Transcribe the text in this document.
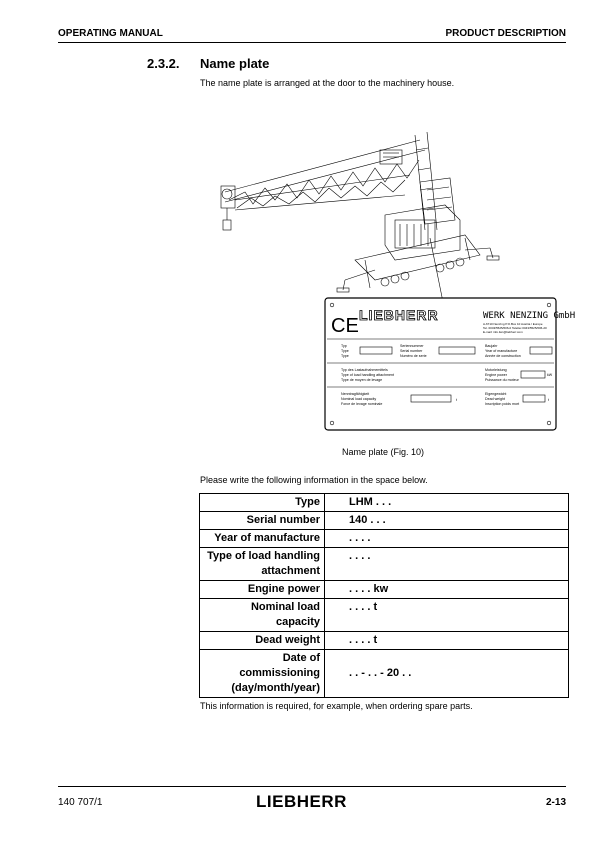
OPERATING MANUAL	PRODUCT DESCRIPTION
2.3.2. Name plate
The name plate is arranged at the door to the machinery house.
CE LIEBHERR	WERK NENZING GmbH
A-6710 Nenzing P.O.Box 10 Austria / Europe
Tel. 0043/5525/606-0 Telefax 0043/5525/606-20
E-mail: info.lwn@liebherr.com
Typ
Type
Type
Seriennummer
Serial number
Numéro de serie
Baujahr
Year of manufacture
Année de construction
Typ des Lastaufnahmemittels
Type of load handling attachment
Type de moyen de levage
Motorleistung
Engine power
Puissance du moteur
kW
Nenntragfähigkeit
Nominal load capacity
Force de levage nominale
t
Eigengewicht
Dead weight
Inscription poids mort
t
Name plate (Fig. 10)
Please write the following information in the space below.
Type	LHM . . .
Serial number	140 . . .
Year of manufacture	. . . .
Type of load handling attachment	. . . .
Engine power	. . . . kw
Nominal load capacity	. . . . t
Dead weight	. . . . t
Date of commissioning (day/month/year)	. . - . . - 20 . .
This information is required, for example, when ordering spare parts.
140 707/1	LIEBHERR	2-13
